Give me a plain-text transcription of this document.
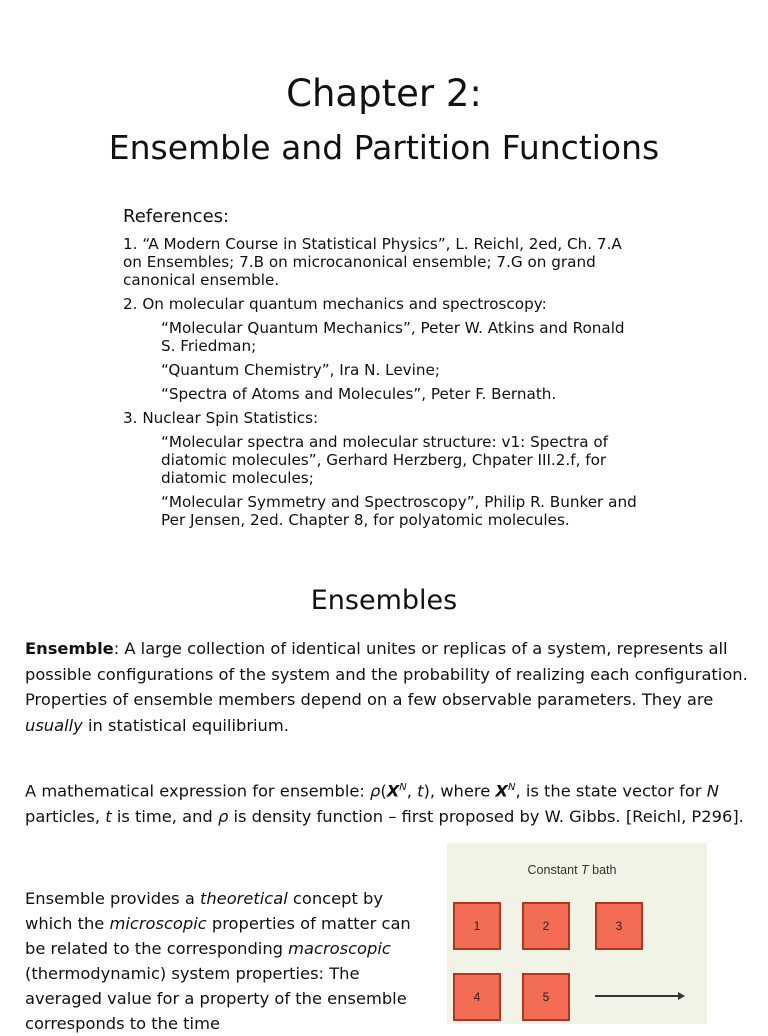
Chapter 2:
Ensemble and Partition Functions
References:
1. “A Modern Course in Statistical Physics”, L. Reichl, 2ed, Ch. 7.A on Ensembles; 7.B on microcanonical ensemble; 7.G on grand canonical ensemble.
2. On molecular quantum mechanics and spectroscopy:
“Molecular Quantum Mechanics”, Peter W. Atkins and Ronald S. Friedman;
“Quantum Chemistry”, Ira N. Levine;
“Spectra of Atoms and Molecules”, Peter F. Bernath.
3. Nuclear Spin Statistics:
“Molecular spectra and molecular structure: v1: Spectra of diatomic molecules”, Gerhard Herzberg, Chpater III.2.f, for diatomic molecules;
“Molecular Symmetry and Spectroscopy”, Philip R. Bunker and Per Jensen, 2ed. Chapter 8, for polyatomic molecules.
Ensembles
Ensemble: A large collection of identical unites or replicas of a system, represents all possible configurations of the system and the probability of realizing each configuration. Properties of ensemble members depend on a few observable parameters. They are usually in statistical equilibrium.
A mathematical expression for ensemble: $\rho(X^N$, t), where $X^N$, is the state vector for N particles, t is time, and ρ is density function – first proposed by W. Gibbs. [Reichl, P296].
Ensemble provides a theoretical concept by which the microscopic properties of matter can be related to the corresponding macroscopic (thermodynamic) system properties: The averaged value for a property of the ensemble corresponds to the time
Constant T bath
1	2	3
4	5
